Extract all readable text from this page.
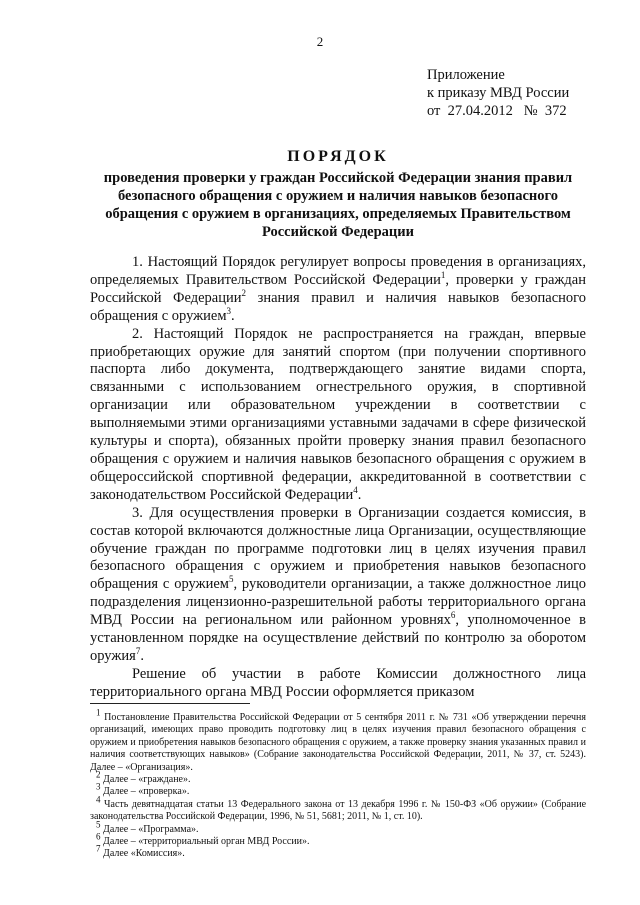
2
Приложение
к приказу МВД России
от  27.04.2012   №  372
ПОРЯДОК
проведения проверки у граждан Российской Федерации знания правил безопасного обращения с оружием и наличия навыков безопасного обращения с оружием в организациях, определяемых Правительством Российской Федерации

1. Настоящий Порядок регулирует вопросы проведения в организациях, определяемых Правительством Российской Федерации$^1$, проверки у граждан Российской Федерации$^2$ знания правил и наличия навыков безопасного обращения с оружием$^3$.

2. Настоящий Порядок не распространяется на граждан, впервые приобретающих оружие для занятий спортом (при получении спортивного паспорта либо документа, подтверждающего занятие видами спорта, связанными с использованием огнестрельного оружия, в спортивной организации или образовательном учреждении в соответствии с выполняемыми этими организациями уставными задачами в сфере физической культуры и спорта), обязанных пройти проверку знания правил безопасного обращения с оружием и наличия навыков безопасного обращения с оружием в общероссийской спортивной федерации, аккредитованной в соответствии с законодательством Российской Федерации$^4$.

3. Для осуществления проверки в Организации создается комиссия, в состав которой включаются должностные лица Организации, осуществляющие обучение граждан по программе подготовки лиц в целях изучения правил безопасного обращения с оружием и приобретения навыков безопасного обращения с оружием$^5$, руководители организации, а также должностное лицо подразделения лицензионно-разрешительной работы территориального органа МВД России на региональном или районном уровнях$^6$, уполномоченное в установленном порядке на осуществление действий по контролю за оборотом оружия$^7$.

Решение об участии в работе Комиссии должностного лица территориального органа МВД России оформляется приказом

$^1$ Постановление Правительства Российской Федерации от 5 сентября 2011 г. № 731 «Об утверждении перечня организаций, имеющих право проводить подготовку лиц в целях изучения правил безопасного обращения с оружием и приобретения навыков безопасного обращения с оружием, а также проверку знания указанных правил и наличия соответствующих навыков» (Собрание законодательства Российской Федерации, 2011, № 37, ст. 5243). Далее – «Организация».

$^2$ Далее – «граждане».

$^3$ Далее – «проверка».

$^4$ Часть девятнадцатая статьи 13 Федерального закона от 13 декабря 1996 г. № 150-ФЗ «Об оружии» (Собрание законодательства Российской Федерации, 1996, № 51, 5681; 2011, № 1, ст. 10).

$^5$ Далее – «Программа».

$^6$ Далее – «территориальный орган МВД России».

$^7$ Далее «Комиссия».
